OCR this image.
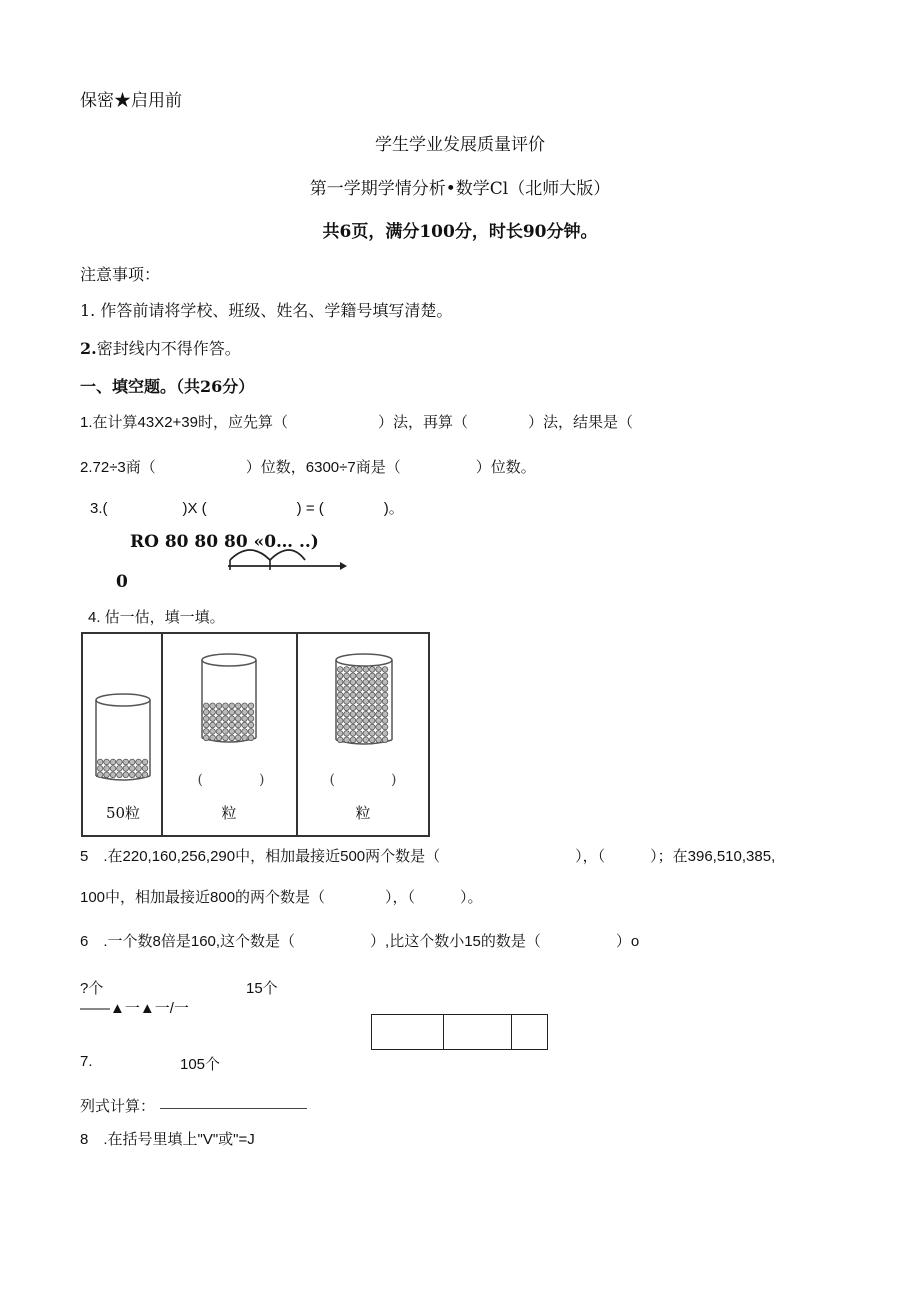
保密★启用前
学生学业发展质量评价
第一学期学情分析•数学Cl（北师大版）
共6页，满分100分，时长90分钟。
注意事项：
1. 作答前请将学校、班级、姓名、学籍号填写清楚。
2.密封线内不得作答。
一、填空题。（共26分）
1.在计算43X2+39时，应先算（　　　　　　）法，再算（　　　　）法，结果是（
2.72÷3商（　　　　　　）位数，6300÷7商是（　　　　　）位数。
3.(　　　　　)X (　　　　　　) = (　　　　)。
RO 80 80 80 «0… ..)
0
4. 估一估，填一填。
50粒
(　　　　)
粒
(　　　　)
粒
5　.在220,160,256,290中，相加最接近500两个数是（　　　　　　　　　），（　　　）；在396,510,385,
100中，相加最接近800的两个数是（　　　　），（　　　）。
6　.一个数8倍是160,这个数是（　　　　　）,比这个数小15的数是（　　　　　）o
?个	15个
——▲一▲一/一
7.	105个
列式计算：
8　.在括号里填上"V"或"=J
